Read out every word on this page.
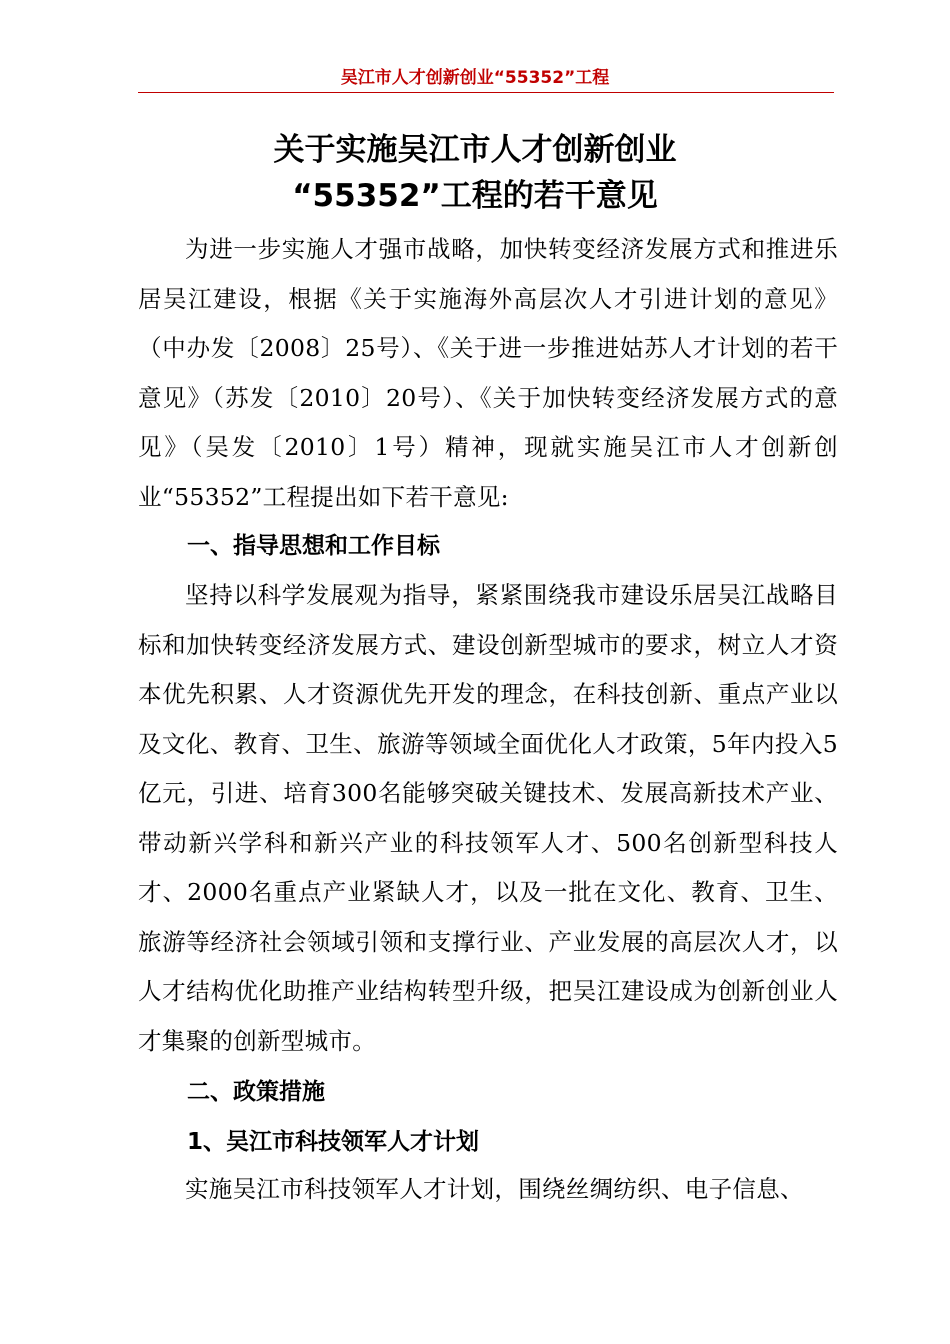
吴江市人才创新创业“55352”工程
关于实施吴江市人才创新创业
“55352”工程的若干意见

为进一步实施人才强市战略，加快转变经济发展方式和推进乐居吴江建设，根据《关于实施海外高层次人才引进计划的意见》（中办发〔2008〕25号）、《关于进一步推进姑苏人才计划的若干意见》（苏发〔2010〕20号）、《关于加快转变经济发展方式的意见》（吴发〔2010〕1号）精神，现就实施吴江市人才创新创业“55352”工程提出如下若干意见:

一、指导思想和工作目标

坚持以科学发展观为指导，紧紧围绕我市建设乐居吴江战略目标和加快转变经济发展方式、建设创新型城市的要求，树立人才资本优先积累、人才资源优先开发的理念，在科技创新、重点产业以及文化、教育、卫生、旅游等领域全面优化人才政策，5年内投入5亿元，引进、培育300名能够突破关键技术、发展高新技术产业、带动新兴学科和新兴产业的科技领军人才、500名创新型科技人才、2000名重点产业紧缺人才，以及一批在文化、教育、卫生、旅游等经济社会领域引领和支撑行业、产业发展的高层次人才，以人才结构优化助推产业结构转型升级，把吴江建设成为创新创业人才集聚的创新型城市。

二、政策措施
1、吴江市科技领军人才计划

实施吴江市科技领军人才计划，围绕丝绸纺织、电子信息、
